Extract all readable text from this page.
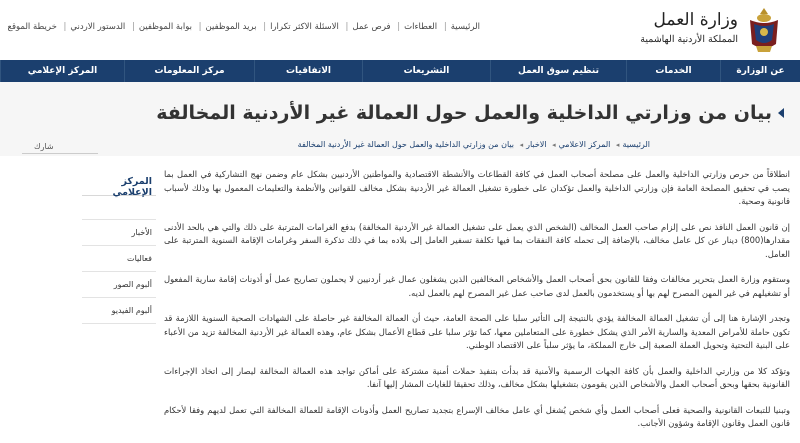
الرئيسية| العطاءات| فرص عمل| الاسئلة الاكثر تكرارا| بريد الموظفين| بوابة الموظفين| الدستور الاردني| خريطة الموقع	وزارة العمل
المملكة الأردنية الهاشمية
عن الوزارة
الخدمات
تنظيم سوق العمل
التشريعات
الاتفاقيات
مركز المعلومات
المركز الإعلامي
بيان من وزارتي الداخلية والعمل حول العمالة غير الأردنية المخالفة
الرئيسية◂ المركز الاعلامي◂ الاخبار◂ بيان من وزارتي الداخلية والعمل حول العمالة غير الأردنية المخالفة
شارك

انطلاقاً من حرص وزارتي الداخلية والعمل على مصلحة أصحاب العمل في كافة القطاعات والأنشطة الاقتصادية والمواطنين الأردنيين بشكل عام وضمن نهج التشاركية في العمل بما يصب في تحقيق المصلحة العامة فإن وزارتي الداخلية والعمل تؤكدان على خطورة تشغيل العمالة غير الأردنية بشكل مخالف للقوانين والأنظمة والتعليمات المعمول بها وذلك لأسباب قانونية وصحية.

إن قانون العمل النافذ نص على إلزام صاحب العمل المخالف (الشخص الذي يعمل على تشغيل العمالة غير الأردنية المخالفة) بدفع الغرامات المترتبة على ذلك والتي هي بالحد الأدنى مقدارها(800) دينار عن كل عامل مخالف، بالإضافة إلى تحمله كافة النفقات بما فيها تكلفة تسفير العامل إلى بلاده بما في ذلك تذكرة السفر وغرامات الإقامة السنوية المترتبة على العامل.

وستقوم وزارة العمل بتحرير مخالفات وفقا للقانون بحق أصحاب العمل والأشخاص المخالفين الذين يشغلون عمال غير أردنيين لا يحملون تصاريح عمل أو أذونات إقامة سارية المفعول أو تشغيلهم في غير المهن المصرح لهم بها أو يستخدمون بالعمل لدى صاحب عمل غير المصرح لهم بالعمل لديه.

وتجدر الإشارة هنا إلى أن تشغيل العمالة المخالفة يؤدي بالنتيجة إلى التأثير سلبا على الصحة العامة، حيث أن العمالة المخالفة غير حاصلة على الشهادات الصحية السنوية اللازمة قد تكون حاملة للأمراض المعدية والسارية الأمر الذي يشكل خطورة على المتعاملين معها، كما تؤثر سلبا على قطاع الأعمال بشكل عام، وهذه العمالة غير الأردنية المخالفة تزيد من الأعباء على البنية التحتية وتحويل العملة الصعبة إلى خارج المملكة، ما يؤثر سلباً على الاقتصاد الوطني.

وتؤكد كلا من وزارتي الداخلية والعمل بأن كافة الجهات الرسمية والأمنية قد بدأت بتنفيذ حملات أمنية مشتركة على أماكن تواجد هذه العمالة المخالفة ليصار إلى اتخاذ الإجراءات القانونية بحقها وبحق أصحاب العمل والأشخاص الذين يقومون بتشغيلها بشكل مخالف، وذلك تحقيقا للغايات المشار إليها آنفا.

وتبنيا للتبعات القانونية والصحية فعلى أصحاب العمل وأي شخص يُشغل أي عامل مخالف الإسراع بتجديد تصاريح العمل وأذونات الإقامة للعمالة المخالفة التي تعمل لديهم وفقا لأحكام قانون العمل وقانون الإقامة وشؤون الأجانب.

المركز الإعلامي
الأخبار
فعاليات
ألبوم الصور
ألبوم الفيديو
